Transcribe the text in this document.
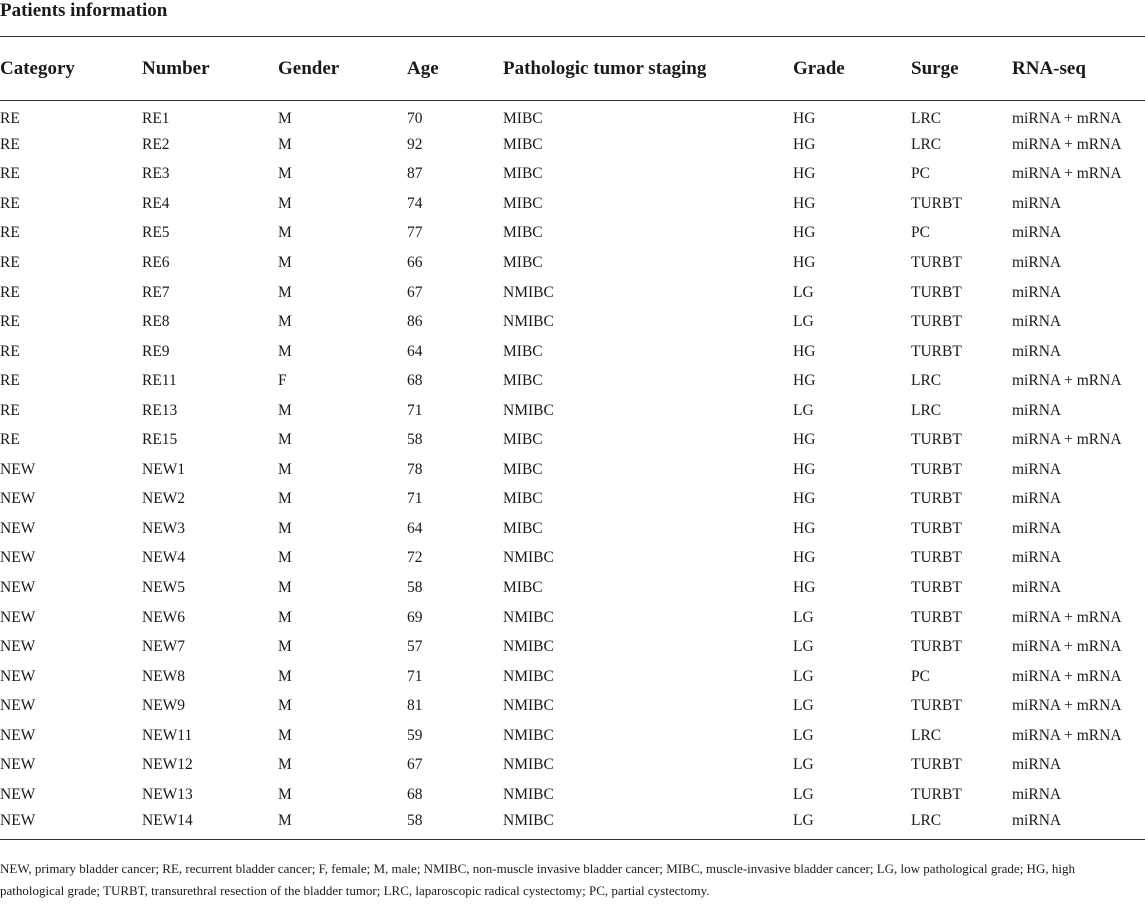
Patients information
Category	Number	Gender	Age	Pathologic tumor staging	Grade	Surge	RNA-seq
RE	RE1	M	70	MIBC	HG	LRC	miRNA + mRNA
RE	RE2	M	92	MIBC	HG	LRC	miRNA + mRNA
RE	RE3	M	87	MIBC	HG	PC	miRNA + mRNA
RE	RE4	M	74	MIBC	HG	TURBT	miRNA
RE	RE5	M	77	MIBC	HG	PC	miRNA
RE	RE6	M	66	MIBC	HG	TURBT	miRNA
RE	RE7	M	67	NMIBC	LG	TURBT	miRNA
RE	RE8	M	86	NMIBC	LG	TURBT	miRNA
RE	RE9	M	64	MIBC	HG	TURBT	miRNA
RE	RE11	F	68	MIBC	HG	LRC	miRNA + mRNA
RE	RE13	M	71	NMIBC	LG	LRC	miRNA
RE	RE15	M	58	MIBC	HG	TURBT	miRNA + mRNA
NEW	NEW1	M	78	MIBC	HG	TURBT	miRNA
NEW	NEW2	M	71	MIBC	HG	TURBT	miRNA
NEW	NEW3	M	64	MIBC	HG	TURBT	miRNA
NEW	NEW4	M	72	NMIBC	HG	TURBT	miRNA
NEW	NEW5	M	58	MIBC	HG	TURBT	miRNA
NEW	NEW6	M	69	NMIBC	LG	TURBT	miRNA + mRNA
NEW	NEW7	M	57	NMIBC	LG	TURBT	miRNA + mRNA
NEW	NEW8	M	71	NMIBC	LG	PC	miRNA + mRNA
NEW	NEW9	M	81	NMIBC	LG	TURBT	miRNA + mRNA
NEW	NEW11	M	59	NMIBC	LG	LRC	miRNA + mRNA
NEW	NEW12	M	67	NMIBC	LG	TURBT	miRNA
NEW	NEW13	M	68	NMIBC	LG	TURBT	miRNA
NEW	NEW14	M	58	NMIBC	LG	LRC	miRNA
NEW, primary bladder cancer; RE, recurrent bladder cancer; F, female; M, male; NMIBC, non-muscle invasive bladder cancer; MIBC, muscle-invasive bladder cancer; LG, low pathological grade; HG, high pathological grade; TURBT, transurethral resection of the bladder tumor; LRC, laparoscopic radical cystectomy; PC, partial cystectomy.
